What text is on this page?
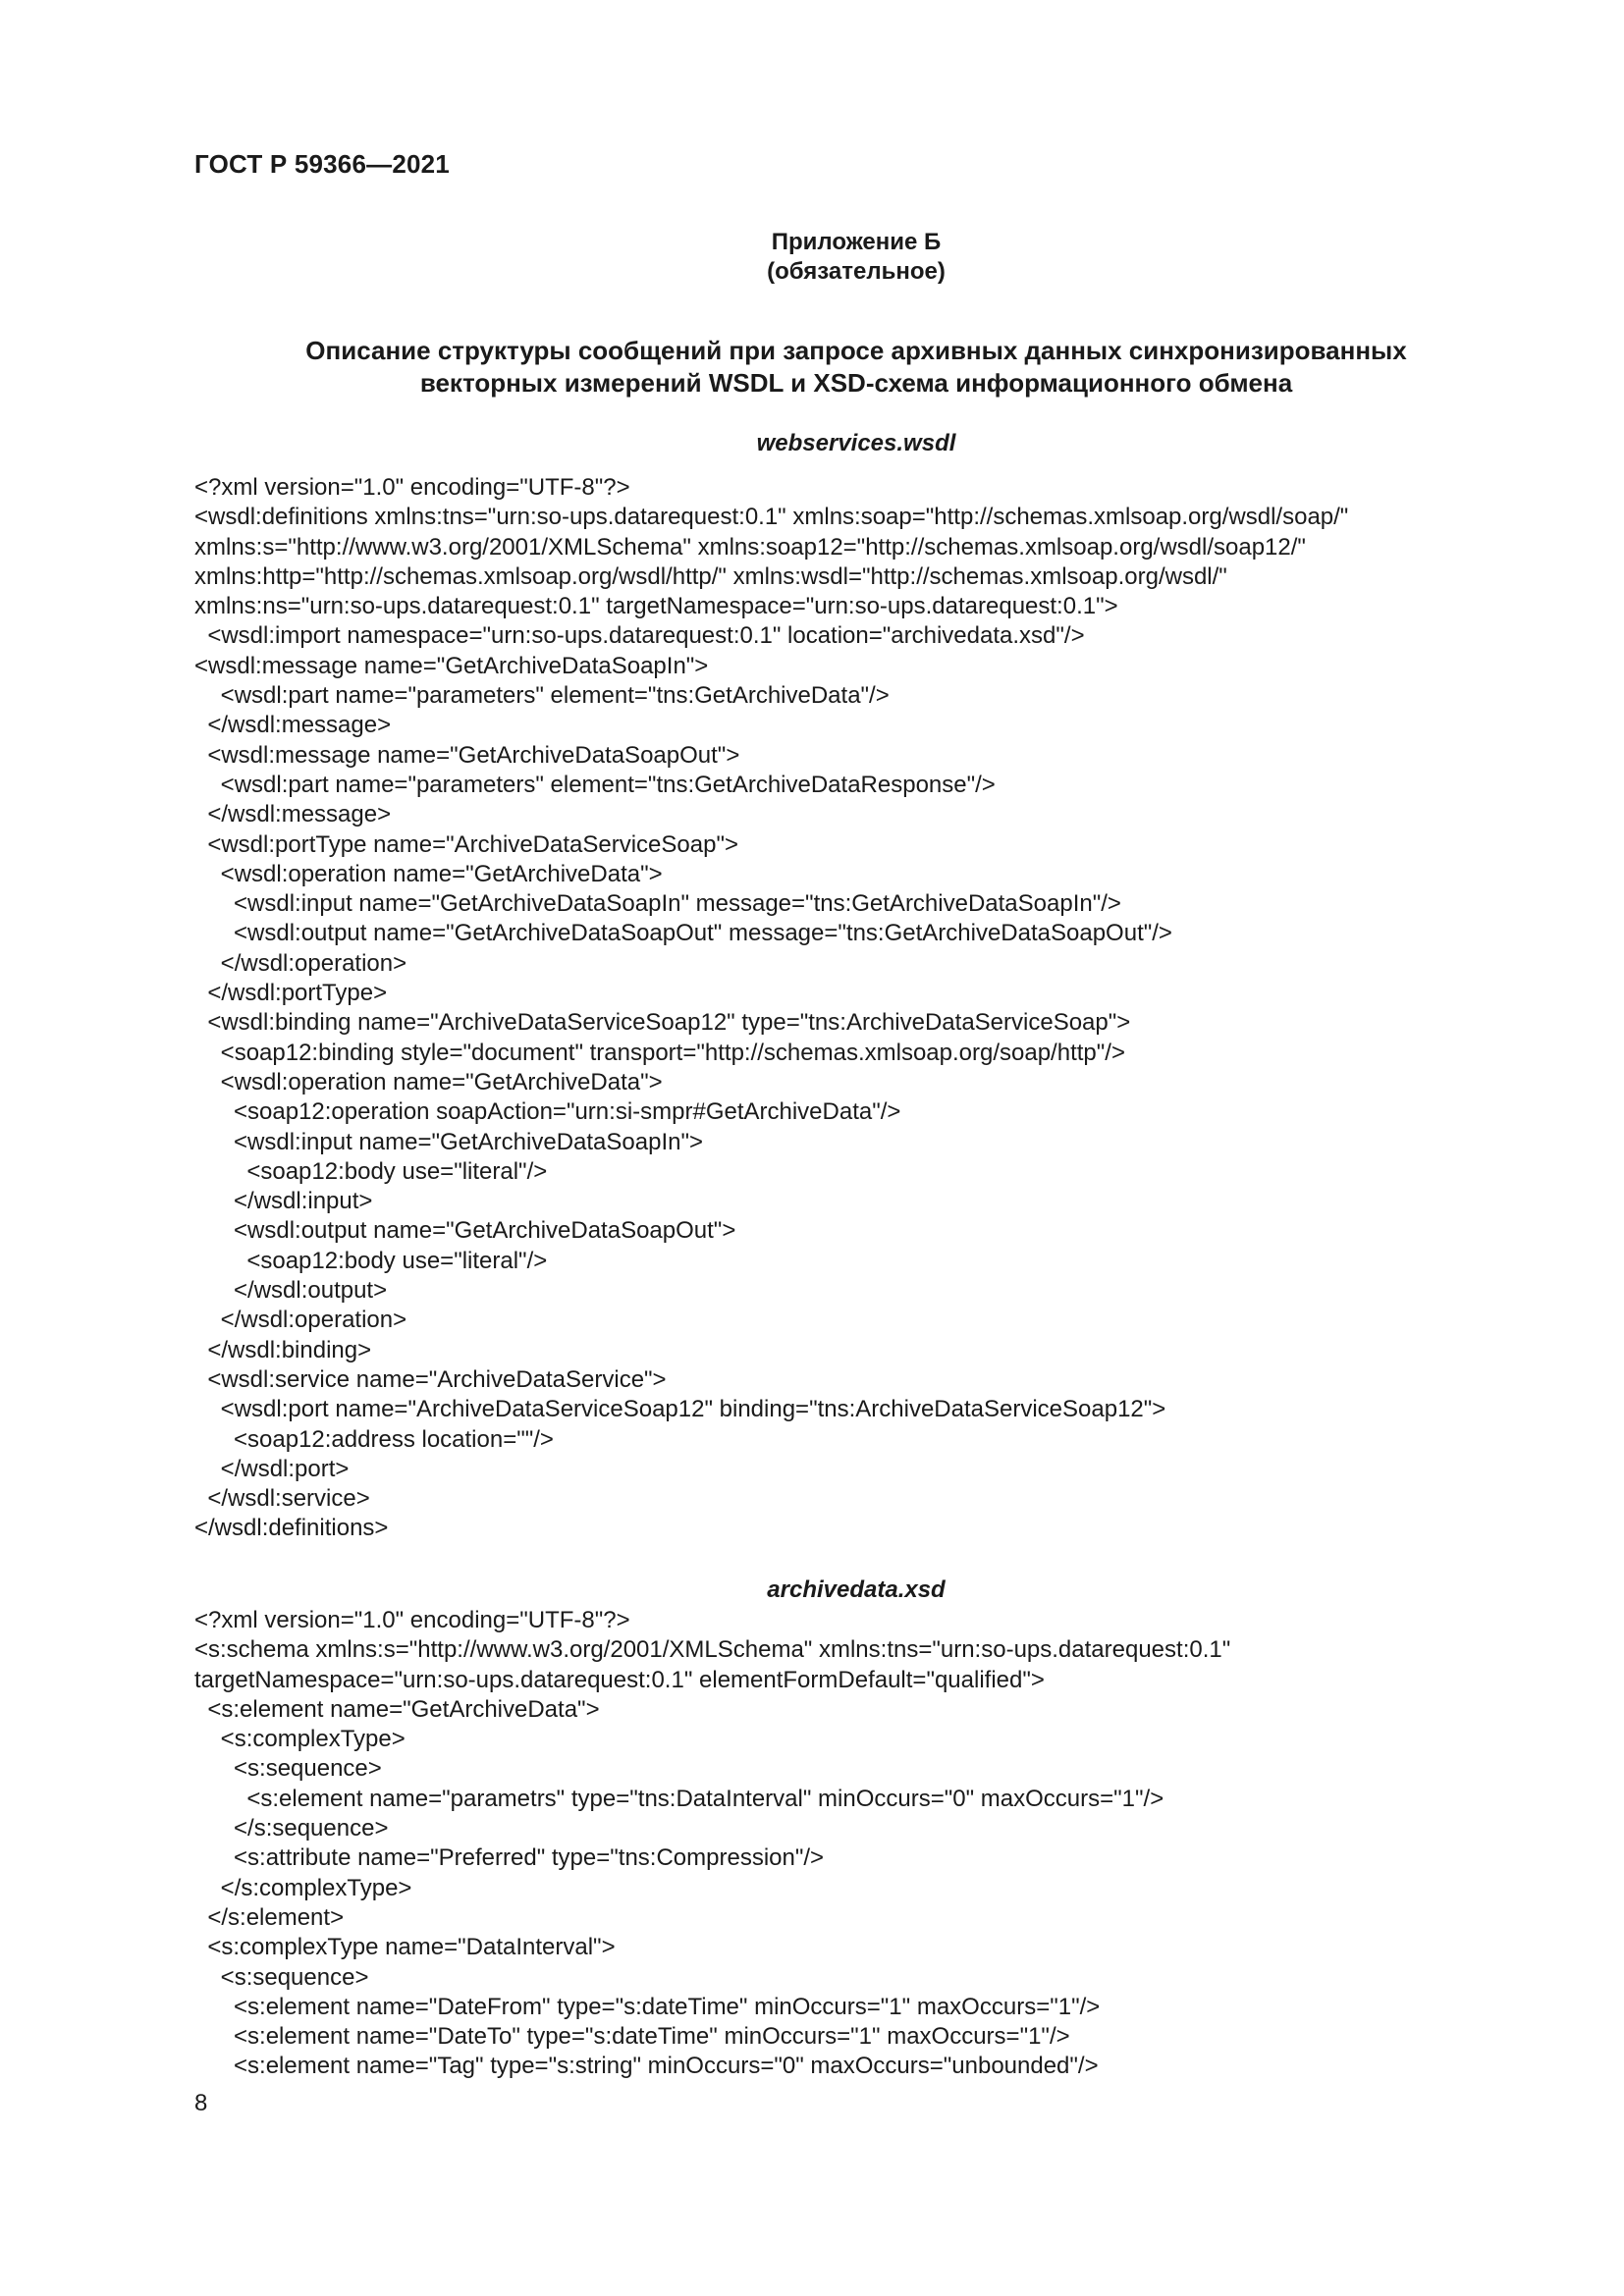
ГОСТ Р 59366—2021
Приложение Б
(обязательное)
Описание структуры сообщений при запросе архивных данных синхронизированных
векторных измерений WSDL и XSD-схема информационного обмена
webservices.wsdl
<?xml version="1.0" encoding="UTF-8"?>
<wsdl:definitions xmlns:tns="urn:so-ups.datarequest:0.1" xmlns:soap="http://schemas.xmlsoap.org/wsdl/soap/"
xmlns:s="http://www.w3.org/2001/XMLSchema" xmlns:soap12="http://schemas.xmlsoap.org/wsdl/soap12/"
xmlns:http="http://schemas.xmlsoap.org/wsdl/http/" xmlns:wsdl="http://schemas.xmlsoap.org/wsdl/"
xmlns:ns="urn:so-ups.datarequest:0.1" targetNamespace="urn:so-ups.datarequest:0.1">
<wsdl:import namespace="urn:so-ups.datarequest:0.1" location="archivedata.xsd"/>
<wsdl:message name="GetArchiveDataSoapIn">
<wsdl:part name="parameters" element="tns:GetArchiveData"/>
</wsdl:message>
<wsdl:message name="GetArchiveDataSoapOut">
<wsdl:part name="parameters" element="tns:GetArchiveDataResponse"/>
</wsdl:message>
<wsdl:portType name="ArchiveDataServiceSoap">
<wsdl:operation name="GetArchiveData">
<wsdl:input name="GetArchiveDataSoapIn" message="tns:GetArchiveDataSoapIn"/>
<wsdl:output name="GetArchiveDataSoapOut" message="tns:GetArchiveDataSoapOut"/>
</wsdl:operation>
</wsdl:portType>
<wsdl:binding name="ArchiveDataServiceSoap12" type="tns:ArchiveDataServiceSoap">
<soap12:binding style="document" transport="http://schemas.xmlsoap.org/soap/http"/>
<wsdl:operation name="GetArchiveData">
<soap12:operation soapAction="urn:si-smpr#GetArchiveData"/>
<wsdl:input name="GetArchiveDataSoapIn">
<soap12:body use="literal"/>
</wsdl:input>
<wsdl:output name="GetArchiveDataSoapOut">
<soap12:body use="literal"/>
</wsdl:output>
</wsdl:operation>
</wsdl:binding>
<wsdl:service name="ArchiveDataService">
<wsdl:port name="ArchiveDataServiceSoap12" binding="tns:ArchiveDataServiceSoap12">
<soap12:address location=""/>
</wsdl:port>
</wsdl:service>
</wsdl:definitions>
archivedata.xsd
<?xml version="1.0" encoding="UTF-8"?>
<s:schema xmlns:s="http://www.w3.org/2001/XMLSchema" xmlns:tns="urn:so-ups.datarequest:0.1"
targetNamespace="urn:so-ups.datarequest:0.1" elementFormDefault="qualified">
<s:element name="GetArchiveData">
<s:complexType>
<s:sequence>
<s:element name="parametrs" type="tns:DataInterval" minOccurs="0" maxOccurs="1"/>
</s:sequence>
<s:attribute name="Preferred" type="tns:Compression"/>
</s:complexType>
</s:element>
<s:complexType name="DataInterval">
<s:sequence>
<s:element name="DateFrom" type="s:dateTime" minOccurs="1" maxOccurs="1"/>
<s:element name="DateTo" type="s:dateTime" minOccurs="1" maxOccurs="1"/>
<s:element name="Tag" type="s:string" minOccurs="0" maxOccurs="unbounded"/>
8
